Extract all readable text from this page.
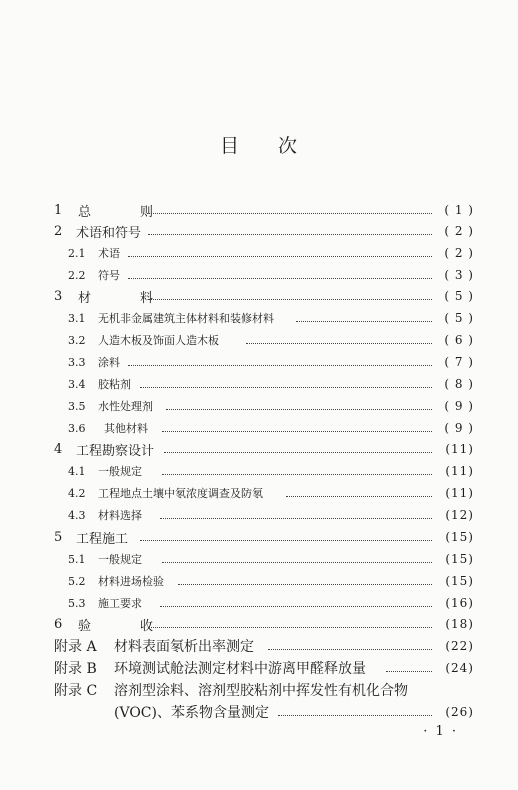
目 次
1 总　则	( 1 )
2 术语和符号	( 2 )
2.1 术语	( 2 )
2.2 符号	( 3 )
3 材　料	( 5 )
3.1 无机非金属建筑主体材料和装修材料	( 5 )
3.2 人造木板及饰面人造木板	( 6 )
3.3 涂料	( 7 )
3.4 胶粘剂	( 8 )
3.5 水性处理剂	( 9 )
3.6 其他材料	( 9 )
4 工程勘察设计	(11)
4.1 一般规定	(11)
4.2 工程地点土壤中氡浓度调查及防氡	(11)
4.3 材料选择	(12)
5 工程施工	(15)
5.1 一般规定	(15)
5.2 材料进场检验	(15)
5.3 施工要求	(16)
6 验　收	(18)
附录 A 材料表面氡析出率测定	(22)
附录 B 环境测试舱法测定材料中游离甲醛释放量	(24)
附录 C 溶剂型涂料、溶剂型胶粘剂中挥发性有机化合物
(VOC)、苯系物含量测定	(26)
· 1 ·
